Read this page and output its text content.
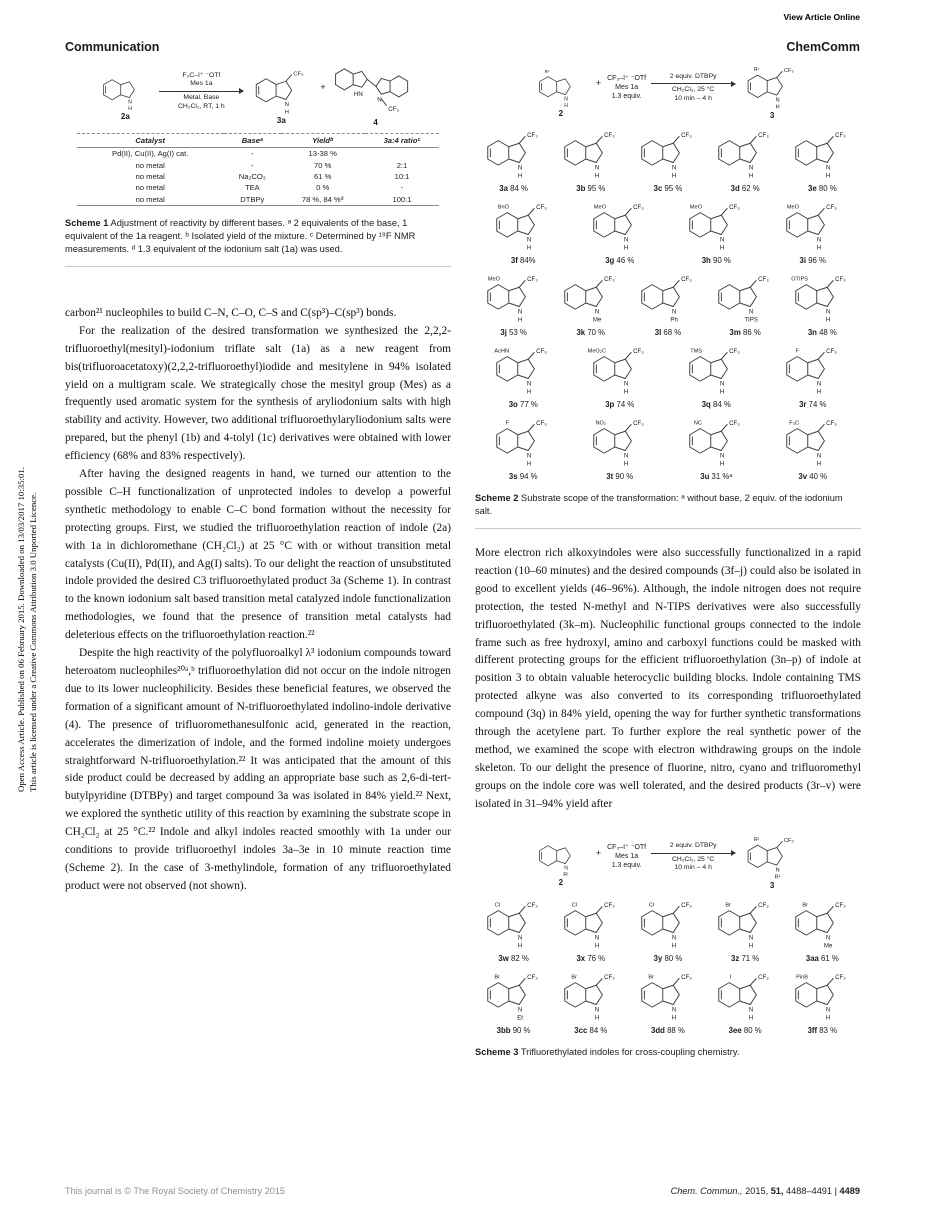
View Article Online
Communication	ChemComm
Open Access Article. Published on 06 February 2015. Downloaded on 13/03/2017 10:35:01. This article is licensed under a Creative Commons Attribution 3.0 Unported Licence.
N
H
2a
F₃C–I⁺ ⁻OTf
Mes 1a
Metal, Base
CH₂Cl₂, RT, 1 h
CF₃
N
H
3a
+
HN
N
CF₃
4
Catalyst	Baseᵃ	Yieldᵇ	3a:4 ratioᶜ
Pd(II), Cu(II), Ag(I) cat.	-	13-38 %	
no metal	-	70 %	2:1
no metal	Na₂CO₃	61 %	10:1
no metal	TEA	0 %	-
no metal	DTBPy	78 %, 84 %ᵈ	100:1
Scheme 1 Adjustment of reactivity by different bases. ᵃ 2 equivalents of the base, 1 equivalent of the 1a reagent. ᵇ Isolated yield of the mixture. ᶜ Determined by ¹⁹F NMR measurements. ᵈ 1.3 equivalent of the iodonium salt (1a) was used.

carbon²¹ nucleophiles to build C–N, C–O, C–S and C(sp³)–C(sp³) bonds.

For the realization of the desired transformation we synthesized the 2,2,2-trifluoroethyl(mesityl)-iodonium triflate salt (1a) as a new reagent from bis(trifluoroacetatoxy)(2,2,2-trifluoroethyl)iodide and mesitylene in 94% isolated yield on a multigram scale. We strategically chose the mesityl group (Mes) as a frequently used aromatic system for the synthesis of aryliodonium salts with high stability and activity. However, two additional trifluoroethylaryliodonium salts were prepared, but the phenyl (1b) and 4-tolyl (1c) derivatives were obtained with lower efficiency (68% and 83% respectively).

After having the designed reagents in hand, we turned our attention to the possible C–H functionalization of unprotected indoles to develop a powerful synthetic methodology to enable C–C bond formation without the necessity for protecting groups. First, we studied the trifluoroethylation reaction of indole (2a) with 1a in dichloromethane (CH₂Cl₂) at 25 °C with or without transition metal catalysts (Cu(II), Pd(II), and Ag(I) salts). To our delight the reaction of unsubstituted indole provided the desired C3 trifluoroethylated product 3a (Scheme 1). In contrast to the known iodonium salt based transition metal catalyzed indole functionalization methodologies, we found that the presence of transition metal catalysts had deleterious effects on the trifluoroethylation reaction.²²

Despite the high reactivity of the polyfluoroalkyl λ³ iodonium compounds toward heteroatom nucleophiles²⁰ᵃ,ᵇ trifluoroethylation did not occur on the indole nitrogen due to its lower nucleophilicity. Besides these beneficial features, we observed the formation of a significant amount of N-trifluoroethylated indolino-indole derivative (4). The presence of trifluoromethanesulfonic acid, generated in the reaction, accelerates the dimerization of indole, and the formed indoline moiety undergoes straightforward N-trifluoroethylation.²² It was anticipated that the amount of this side product could be decreased by adding an appropriate base such as 2,6-di-tert-butylpyridine (DTBPy) and target compound 3a was isolated in 84% yield.²² Next, we explored the synthetic utility of this reaction by examining the substrate scope in CH₂Cl₂ at 25 °C.²² Indole and alkyl indoles reacted smoothly with 1a under our conditions to provide trifluoroethyl indoles 3a–3e in 10 minute reaction time (Scheme 2). In the case of 3-methylindole, formation of any trifluoroethylated product were not observed (not shown).

R¹
N
H
2
+ CF₃–I⁺ ⁻OTf
Mes 1a
1.3 equiv.
2 equiv. DTBPy
CH₂Cl₂, 25 °C
10 min – 4 h
R¹	CF₃
N
H
3
CF₃
N
H
3a 84 %
CF₃
N
H
3b 95 %
CF₃
N
H
3c 95 %
CF₃
N
H
3d 62 %
CF₃
N
H
3e 80 %
BnO	CF₃
N
H
3f 84%
MeO	CF₃
N
H
3g 46 %
MeO	CF₃
N
H
3h 90 %
MeO	CF₃
N
H
3i 96 %
MeO	CF₃
N
H
3j 53 %
CF₃
N
Me
3k 70 %
CF₃
N
Ph
3l 68 %
CF₃
N
TIPS
3m 86 %
OTIPS	CF₃
N
H
3n 48 %
AcHN	CF₃
N
H
3o 77 %
MeO₂C	CF₃
N
H
3p 74 %
TMS	CF₃
N
H
3q 84 %
F	CF₃
N
H
3r 74 %
F	CF₃
N
H
3s 94 %
NO₂	CF₃
N
H
3t 90 %
NC	CF₃
N
H
3u 31 %ᵃ
F₃C	CF₃
N
H
3v 40 %
Scheme 2 Substrate scope of the transformation: ᵃ without base, 2 equiv. of the iodonium salt.

More electron rich alkoxyindoles were also successfully functionalized in a rapid reaction (10–60 minutes) and the desired compounds (3f–j) could also be isolated in good to excellent yields (46–96%). Although, the indole nitrogen does not require protection, the tested N-methyl and N-TIPS derivatives were also successfully trifluoroethylated (3k–m). Nucleophilic functional groups connected to the indole frame such as free hydroxyl, amino and carboxyl functions could be masked with different protecting groups for the efficient trifluoroethylation (3n–p) of indole at position 3 to obtain valuable heterocyclic building blocks. Indole containing TMS protected alkyne was also converted to its corresponding trifluoroethylated compound (3q) in 84% yield, opening the way for further synthetic transformations through the acetylene part. To further explore the real synthetic power of the method, we examined the scope with electron withdrawing groups on the indole skeleton. To our delight the presence of fluorine, nitro, cyano and trifluoromethyl groups on the indole core was well tolerated, and the desired products (3r–v) were isolated in 31–94% yield after

N
R¹
2
+ CF₃–I⁺ ⁻OTf
Mes 1a
1.3 equiv.
2 equiv. DTBPy
CH₂Cl₂, 25 °C
10 min – 4 h
R²	CF₃
N
R¹
3
Cl	CF₃
N
H
3w 82 %
Cl	CF₃
N
H
3x 76 %
Cl	CF₃
N
H
3y 80 %
Br	CF₃
N
H
3z 71 %
Br	CF₃
N
Me
3aa 61 %
Br	CF₃
N
Et
3bb 90 %
Br	CF₃
N
H
3cc 84 %
Br	CF₃
N
H
3dd 88 %
I	CF₃
N
H
3ee 80 %
PinB	CF₃
N
H
3ff 83 %
Scheme 3 Trifluorethylated indoles for cross-coupling chemistry.
This journal is © The Royal Society of Chemistry 2015	Chem. Commun., 2015, 51, 4488–4491 | 4489
